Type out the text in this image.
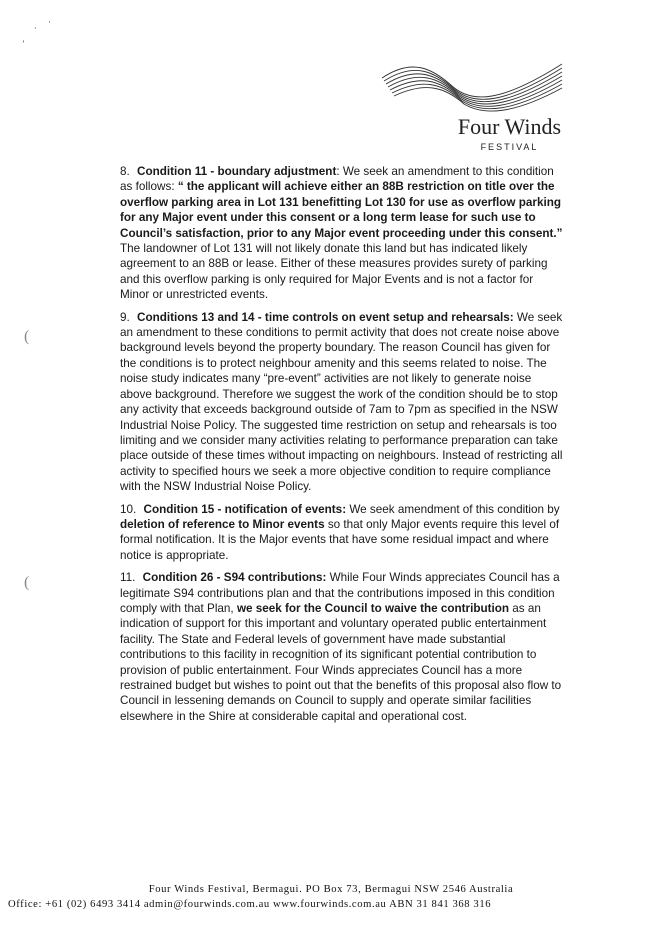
·
·
’
(
(
Four Winds
FESTIVAL

8. Condition 11 - boundary adjustment: We seek an amendment to this condition as follows: “ the applicant will achieve either an 88B restriction on title over the overflow parking area in Lot 131 benefitting Lot 130 for use as overflow parking for any Major event under this consent or a long term lease for such use to Council’s satisfaction, prior to any Major event proceeding under this consent.” The landowner of Lot 131 will not likely donate this land but has indicated likely agreement to an 88B or lease. Either of these measures provides surety of parking and this overflow parking is only required for Major Events and is not a factor for Minor or unrestricted events.

9. Conditions 13 and 14 - time controls on event setup and rehearsals: We seek an amendment to these conditions to permit activity that does not create noise above background levels beyond the property boundary. The reason Council has given for the conditions is to protect neighbour amenity and this seems related to noise. The noise study indicates many “pre-event” activities are not likely to generate noise above background. Therefore we suggest the work of the condition should be to stop any activity that exceeds background outside of 7am to 7pm as specified in the NSW Industrial Noise Policy. The suggested time restriction on setup and rehearsals is too limiting and we consider many activities relating to performance preparation can take place outside of these times without impacting on neighbours. Instead of restricting all activity to specified hours we seek a more objective condition to require compliance with the NSW Industrial Noise Policy.

10. Condition 15 - notification of events: We seek amendment of this condition by deletion of reference to Minor events so that only Major events require this level of formal notification. It is the Major events that have some residual impact and where notice is appropriate.

11. Condition 26 - S94 contributions: While Four Winds appreciates Council has a legitimate S94 contributions plan and that the contributions imposed in this condition comply with that Plan, we seek for the Council to waive the contribution as an indication of support for this important and voluntary operated public entertainment facility. The State and Federal levels of government have made substantial contributions to this facility in recognition of its significant potential contribution to provision of public entertainment. Four Winds appreciates Council has a more restrained budget but wishes to point out that the benefits of this proposal also flow to Council in lessening demands on Council to supply and operate similar facilities elsewhere in the Shire at considerable capital and operational cost.

Four Winds Festival, Bermagui. PO Box 73, Bermagui NSW 2546 Australia
Office: +61 (02) 6493 3414 admin@fourwinds.com.au www.fourwinds.com.au ABN 31 841 368 316
